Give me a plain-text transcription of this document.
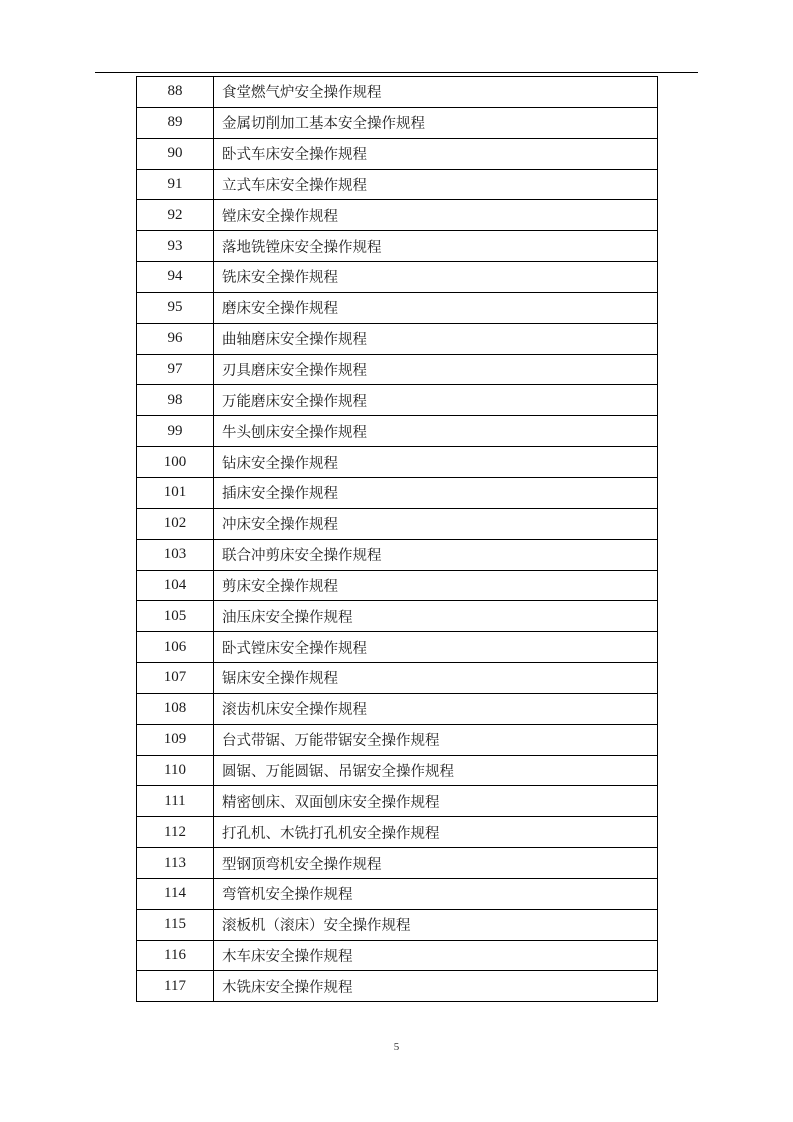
88	食堂燃气炉安全操作规程
89	金属切削加工基本安全操作规程
90	卧式车床安全操作规程
91	立式车床安全操作规程
92	镗床安全操作规程
93	落地铣镗床安全操作规程
94	铣床安全操作规程
95	磨床安全操作规程
96	曲轴磨床安全操作规程
97	刃具磨床安全操作规程
98	万能磨床安全操作规程
99	牛头刨床安全操作规程
100	钻床安全操作规程
101	插床安全操作规程
102	冲床安全操作规程
103	联合冲剪床安全操作规程
104	剪床安全操作规程
105	油压床安全操作规程
106	卧式镗床安全操作规程
107	锯床安全操作规程
108	滚齿机床安全操作规程
109	台式带锯、万能带锯安全操作规程
110	圆锯、万能圆锯、吊锯安全操作规程
111	精密刨床、双面刨床安全操作规程
112	打孔机、木铣打孔机安全操作规程
113	型钢顶弯机安全操作规程
114	弯管机安全操作规程
115	滚板机（滚床）安全操作规程
116	木车床安全操作规程
117	木铣床安全操作规程
5
